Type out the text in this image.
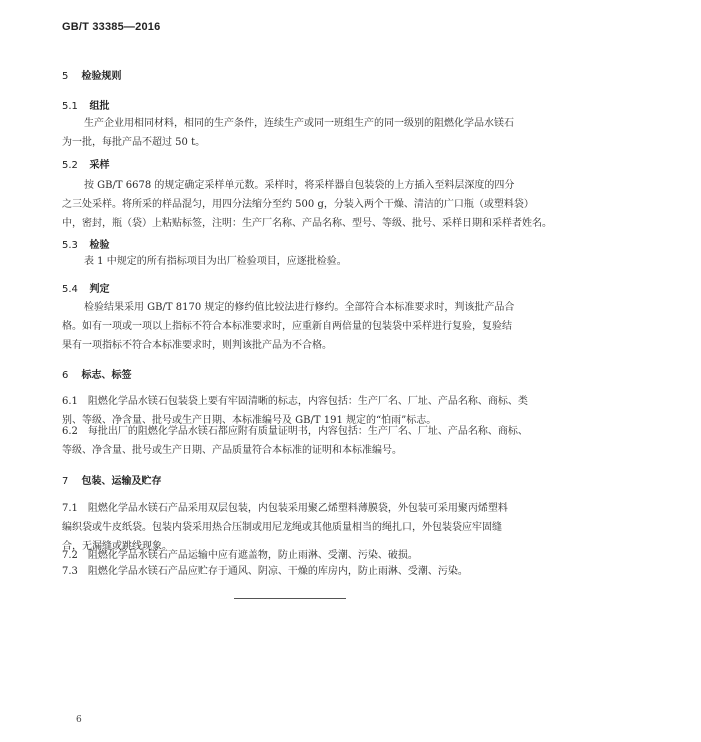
GB/T 33385—2016
5 检验规则
5.1 组批
生产企业用相同材料，相同的生产条件，连续生产或同一班组生产的同一级别的阻燃化学品水镁石
为一批，每批产品不超过 50 t。
5.2 采样
按 GB/T 6678 的规定确定采样单元数。采样时，将采样器自包装袋的上方插入至料层深度的四分
之三处采样。将所采的样品混匀，用四分法缩分至约 500 g，分装入两个干燥、清洁的广口瓶（或塑料袋）
中，密封，瓶（袋）上粘贴标签，注明：生产厂名称、产品名称、型号、等级、批号、采样日期和采样者姓名。
5.3 检验
表 1 中规定的所有指标项目为出厂检验项目，应逐批检验。
5.4 判定
检验结果采用 GB/T 8170 规定的修约值比较法进行修约。全部符合本标准要求时，判该批产品合
格。如有一项或一项以上指标不符合本标准要求时，应重新自两倍量的包装袋中采样进行复验，复验结
果有一项指标不符合本标准要求时，则判该批产品为不合格。
6 标志、标签
6.1　阻燃化学品水镁石包装袋上要有牢固清晰的标志，内容包括：生产厂名、厂址、产品名称、商标、类
别、等级、净含量、批号或生产日期、本标准编号及 GB/T 191 规定的“怕雨”标志。
6.2　每批出厂的阻燃化学品水镁石都应附有质量证明书，内容包括：生产厂名、厂址、产品名称、商标、
等级、净含量、批号或生产日期、产品质量符合本标准的证明和本标准编号。
7 包装、运输及贮存
7.1　阻燃化学品水镁石产品采用双层包装，内包装采用聚乙烯塑料薄膜袋，外包装可采用聚丙烯塑料
编织袋或牛皮纸袋。包装内袋采用热合压制或用尼龙绳或其他质量相当的绳扎口，外包装袋应牢固缝
合，无漏缝或跳线现象。
7.2　阻燃化学品水镁石产品运输中应有遮盖物，防止雨淋、受潮、污染、破损。
7.3　阻燃化学品水镁石产品应贮存于通风、阴凉、干燥的库房内，防止雨淋、受潮、污染。
6
